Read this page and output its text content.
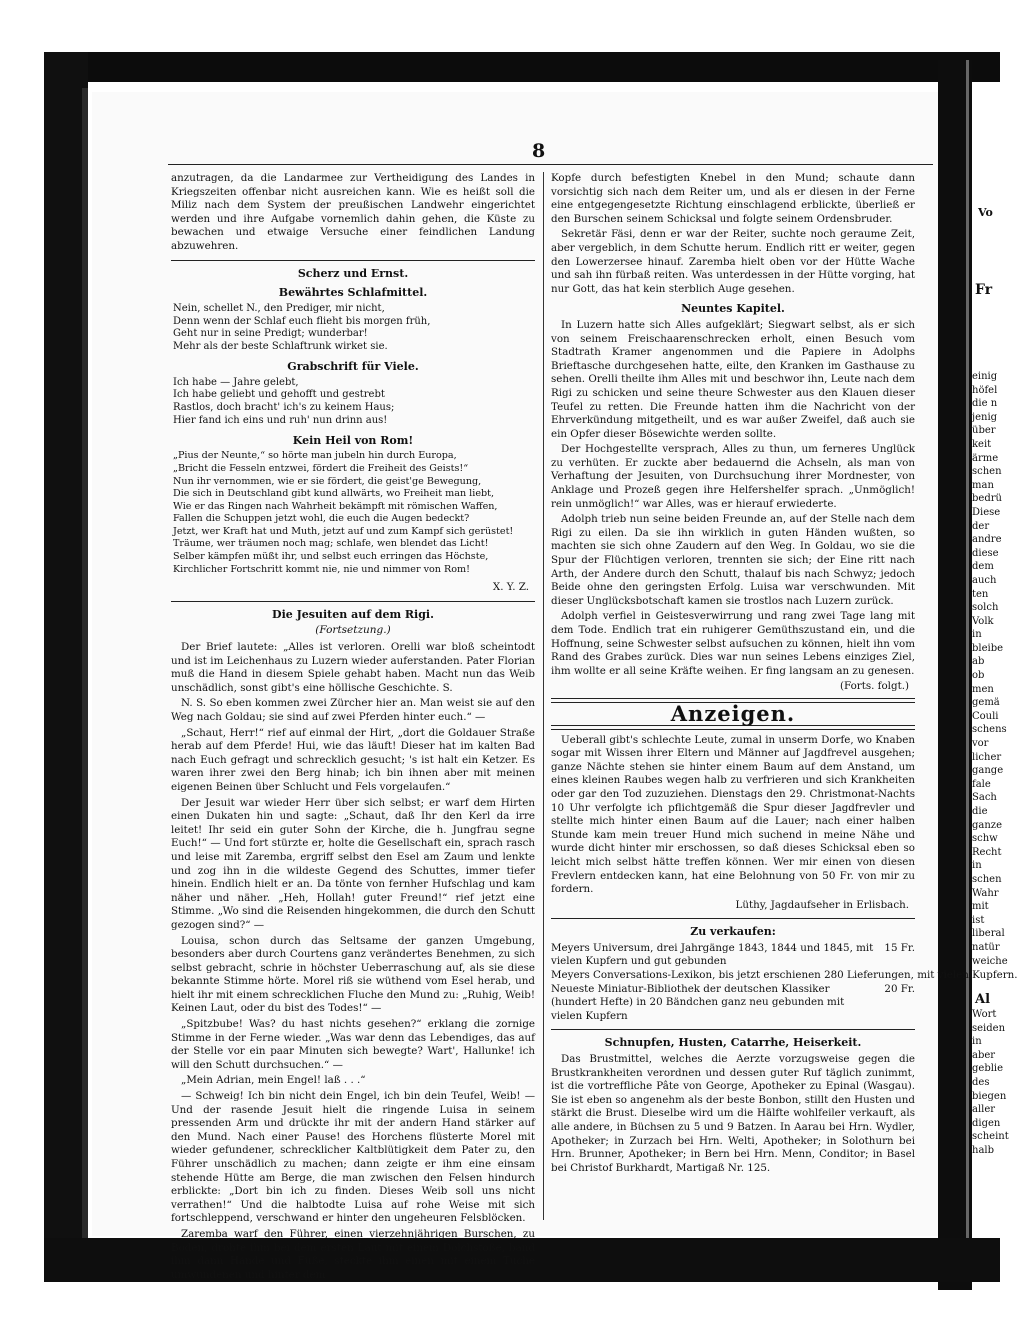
8

anzutragen, da die Landarmee zur Vertheidigung des Landes in Kriegszeiten offenbar nicht ausreichen kann. Wie es heißt soll die Miliz nach dem System der preußischen Landwehr eingerichtet werden und ihre Aufgabe vornemlich dahin gehen, die Küste zu bewachen und etwaige Versuche einer feindlichen Landung abzuwehren.

Scherz und Ernst.
Bewährtes Schlafmittel.
Nein, schellet N., den Prediger, mir nicht,
Denn wenn der Schlaf euch flieht bis morgen früh,
Geht nur in seine Predigt; wunderbar!
Mehr als der beste Schlaftrunk wirket sie.
Grabschrift für Viele.
Ich habe — Jahre gelebt,
Ich habe geliebt und gehofft und gestrebt
Rastlos, doch bracht' ich's zu keinem Haus;
Hier fand ich eins und ruh' nun drinn aus!
Kein Heil von Rom!
„Pius der Neunte,“ so hörte man jubeln hin durch Europa,
„Bricht die Fesseln entzwei, fördert die Freiheit des Geists!“
Nun ihr vernommen, wie er sie fördert, die geist'ge Bewegung,
Die sich in Deutschland gibt kund allwärts, wo Freiheit man liebt,
Wie er das Ringen nach Wahrheit bekämpft mit römischen Waffen,
Fallen die Schuppen jetzt wohl, die euch die Augen bedeckt?
Jetzt, wer Kraft hat und Muth, jetzt auf und zum Kampf sich gerüstet!
Träume, wer träumen noch mag; schlafe, wen blendet das Licht!
Selber kämpfen müßt ihr, und selbst euch erringen das Höchste,
Kirchlicher Fortschritt kommt nie, nie und nimmer von Rom!
X. Y. Z.
Die Jesuiten auf dem Rigi.
(Fortsetzung.)

Der Brief lautete: „Alles ist verloren. Orelli war bloß scheintodt und ist im Leichenhaus zu Luzern wieder auferstanden. Pater Florian muß die Hand in diesem Spiele gehabt haben. Macht nun das Weib unschädlich, sonst gibt's eine höllische Geschichte. S.

N. S. So eben kommen zwei Zürcher hier an. Man weist sie auf den Weg nach Goldau; sie sind auf zwei Pferden hinter euch.“ —

„Schaut, Herr!“ rief auf einmal der Hirt, „dort die Goldauer Straße herab auf dem Pferde! Hui, wie das läuft! Dieser hat im kalten Bad nach Euch gefragt und schrecklich gesucht; 's ist halt ein Ketzer. Es waren ihrer zwei den Berg hinab; ich bin ihnen aber mit meinen eigenen Beinen über Schlucht und Fels vorgelaufen.“

Der Jesuit war wieder Herr über sich selbst; er warf dem Hirten einen Dukaten hin und sagte: „Schaut, daß Ihr den Kerl da irre leitet! Ihr seid ein guter Sohn der Kirche, die h. Jungfrau segne Euch!“ — Und fort stürzte er, holte die Gesellschaft ein, sprach rasch und leise mit Zaremba, ergriff selbst den Esel am Zaum und lenkte und zog ihn in die wildeste Gegend des Schuttes, immer tiefer hinein. Endlich hielt er an. Da tönte von fernher Hufschlag und kam näher und näher. „Heh, Hollah! guter Freund!“ rief jetzt eine Stimme. „Wo sind die Reisenden hingekommen, die durch den Schutt gezogen sind?“ —

Louisa, schon durch das Seltsame der ganzen Umgebung, besonders aber durch Courtens ganz verändertes Benehmen, zu sich selbst gebracht, schrie in höchster Ueberraschung auf, als sie diese bekannte Stimme hörte. Morel riß sie wüthend vom Esel herab, und hielt ihr mit einem schrecklichen Fluche den Mund zu: „Ruhig, Weib! Keinen Laut, oder du bist des Todes!“ —

„Spitzbube! Was? du hast nichts gesehen?“ erklang die zornige Stimme in der Ferne wieder. „Was war denn das Lebendiges, das auf der Stelle vor ein paar Minuten sich bewegte? Wart', Hallunke! ich will den Schutt durchsuchen.“ —

„Mein Adrian, mein Engel! laß . . .“

— Schweig! Ich bin nicht dein Engel, ich bin dein Teufel, Weib! — Und der rasende Jesuit hielt die ringende Luisa in seinem pressenden Arm und drückte ihr mit der andern Hand stärker auf den Mund. Nach einer Pause! des Horchens flüsterte Morel mit wieder gefundener, schrecklicher Kaltblütigkeit dem Pater zu, den Führer unschädlich zu machen; dann zeigte er ihm eine einsam stehende Hütte am Berge, die man zwischen den Felsen hindurch erblickte: „Dort bin ich zu finden. Dieses Weib soll uns nicht verrathen!“ Und die halbtodte Luisa auf rohe Weise mit sich fortschleppend, verschwand er hinter den ungeheuren Felsblöcken.

Zaremba warf den Führer, einen vierzehnjährigen Burschen, zu Boden, drohte ihm bei dem ersten Laut mit einem Dolchstoße, band ihm dann Hände und Füße, steckte ihm einen mit einem Tuche umwundenen und hinter dem

Kopfe durch befestigten Knebel in den Mund; schaute dann vorsichtig sich nach dem Reiter um, und als er diesen in der Ferne eine entgegengesetzte Richtung einschlagend erblickte, überließ er den Burschen seinem Schicksal und folgte seinem Ordensbruder.

Sekretär Fäsi, denn er war der Reiter, suchte noch geraume Zeit, aber vergeblich, in dem Schutte herum. Endlich ritt er weiter, gegen den Lowerzersee hinauf. Zaremba hielt oben vor der Hütte Wache und sah ihn fürbaß reiten. Was unterdessen in der Hütte vorging, hat nur Gott, das hat kein sterblich Auge gesehen.

Neuntes Kapitel.

In Luzern hatte sich Alles aufgeklärt; Siegwart selbst, als er sich von seinem Freischaarenschrecken erholt, einen Besuch vom Stadtrath Kramer angenommen und die Papiere in Adolphs Brieftasche durchgesehen hatte, eilte, den Kranken im Gasthause zu sehen. Orelli theilte ihm Alles mit und beschwor ihn, Leute nach dem Rigi zu schicken und seine theure Schwester aus den Klauen dieser Teufel zu retten. Die Freunde hatten ihm die Nachricht von der Ehrverkündung mitgetheilt, und es war außer Zweifel, daß auch sie ein Opfer dieser Bösewichte werden sollte.

Der Hochgestellte versprach, Alles zu thun, um ferneres Unglück zu verhüten. Er zuckte aber bedauernd die Achseln, als man von Verhaftung der Jesuiten, von Durchsuchung ihrer Mordnester, von Anklage und Prozeß gegen ihre Helfershelfer sprach. „Unmöglich! rein unmöglich!“ war Alles, was er hierauf erwiederte.

Adolph trieb nun seine beiden Freunde an, auf der Stelle nach dem Rigi zu eilen. Da sie ihn wirklich in guten Händen wußten, so machten sie sich ohne Zaudern auf den Weg. In Goldau, wo sie die Spur der Flüchtigen verloren, trennten sie sich; der Eine ritt nach Arth, der Andere durch den Schutt, thalauf bis nach Schwyz; jedoch Beide ohne den geringsten Erfolg. Luisa war verschwunden. Mit dieser Unglücksbotschaft kamen sie trostlos nach Luzern zurück.

Adolph verfiel in Geistesverwirrung und rang zwei Tage lang mit dem Tode. Endlich trat ein ruhigerer Gemüthszustand ein, und die Hoffnung, seine Schwester selbst aufsuchen zu können, hielt ihn vom Rand des Grabes zurück. Dies war nun seines Lebens einziges Ziel, ihm wollte er all seine Kräfte weihen. Er fing langsam an zu genesen.

(Forts. folgt.)
Anzeigen.

Ueberall gibt's schlechte Leute, zumal in unserm Dorfe, wo Knaben sogar mit Wissen ihrer Eltern und Männer auf Jagdfrevel ausgehen; ganze Nächte stehen sie hinter einem Baum auf dem Anstand, um eines kleinen Raubes wegen halb zu verfrieren und sich Krankheiten oder gar den Tod zuzuziehen. Dienstags den 29. Christmonat-Nachts 10 Uhr verfolgte ich pflichtgemäß die Spur dieser Jagdfrevler und stellte mich hinter einen Baum auf die Lauer; nach einer halben Stunde kam mein treuer Hund mich suchend in meine Nähe und wurde dicht hinter mir erschossen, so daß dieses Schicksal eben so leicht mich selbst hätte treffen können. Wer mir einen von diesen Frevlern entdecken kann, hat eine Belohnung von 50 Fr. von mir zu fordern.

Lüthy, Jagdaufseher in Erlisbach.
Zu verkaufen:
Meyers Universum, drei Jahrgänge 1843, 1844 und 1845, mit vielen Kupfern und gut gebunden
15 Fr.
Meyers Conversations-Lexikon, bis jetzt erschienen 280 Lieferungen, mit vielen Kupfern.
Neueste Miniatur-Bibliothek der deutschen Klassiker (hundert Hefte) in 20 Bändchen ganz neu gebunden mit vielen Kupfern
20 Fr.
Schnupfen, Husten, Catarrhe, Heiserkeit.

Das Brustmittel, welches die Aerzte vorzugsweise gegen die Brustkrankheiten verordnen und dessen guter Ruf täglich zunimmt, ist die vortreffliche Pâte von George, Apotheker zu Epinal (Wasgau). Sie ist eben so angenehm als der beste Bonbon, stillt den Husten und stärkt die Brust. Dieselbe wird um die Hälfte wohlfeiler verkauft, als alle andere, in Büchsen zu 5 und 9 Batzen. In Aarau bei Hrn. Wydler, Apotheker; in Zurzach bei Hrn. Welti, Apotheker; in Solothurn bei Hrn. Brunner, Apotheker; in Bern bei Hrn. Menn, Conditor; in Basel bei Christof Burkhardt, Martigaß Nr. 125.

Vo
Fr
einig
höfel
die n
jenig
über
keit
ärme
schen
man
bedrü
Diese
der
andre
diese
dem
auch
ten
solch
Volk
in
bleibe
ab
ob
men
gemä
Couli
schens
vor
licher
gange
fale
Sach
die
ganze
schw
Recht
in
schen
Wahr
mit
ist
liberal
natür
weiche
Al
Wort
seiden
in
aber
geblie
des
biegen
aller
digen
scheint
halb
